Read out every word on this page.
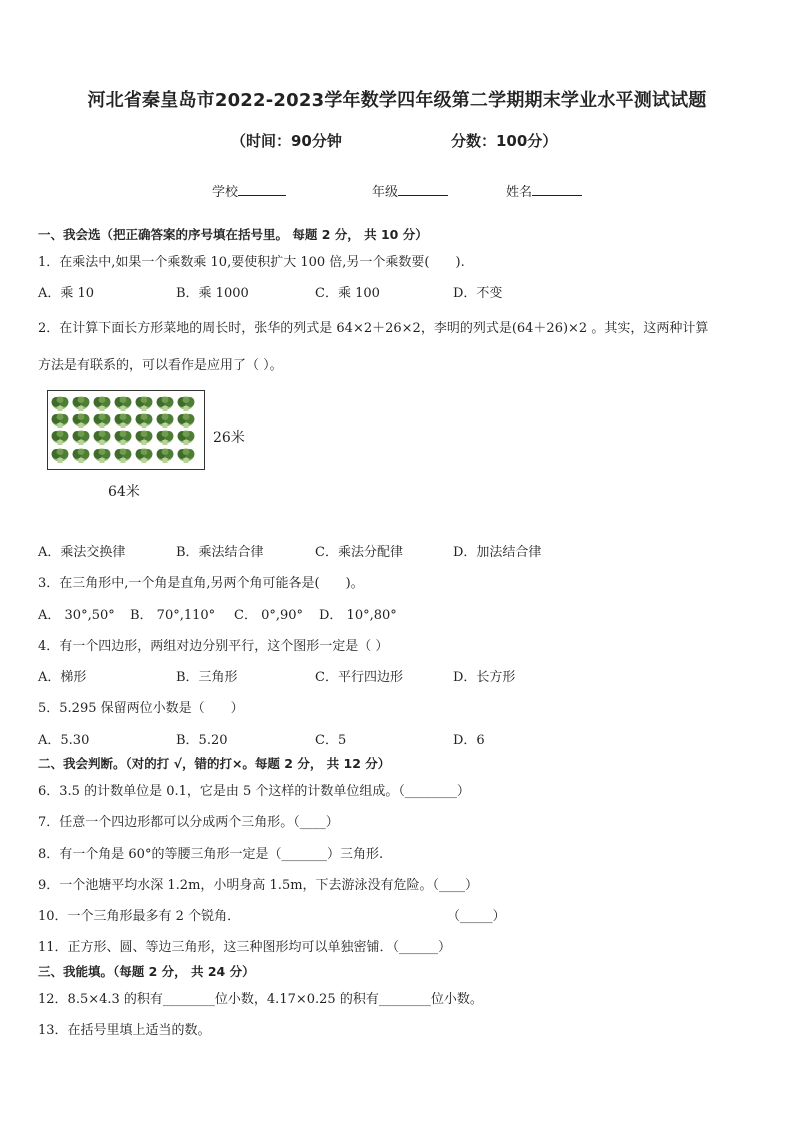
河北省秦皇岛市2022-2023学年数学四年级第二学期期末学业水平测试试题
（时间：90分钟	分数：100分）
学校	年级	姓名
一、我会选（把正确答案的序号填在括号里。 每题 2 分， 共 10 分）
1．在乘法中,如果一个乘数乘 10,要使积扩大 100 倍,另一个乘数要(　　).
A．乘 10	B．乘 1000	C．乘 100	D．不变
2．在计算下面长方形菜地的周长时，张华的列式是 64×2＋26×2，李明的列式是(64＋26)×2 。其实，这两种计算
方法是有联系的，可以看作是应用了（ ）。
26米
64米
A．乘法交换律	B．乘法结合律	C．乘法分配律	D．加法结合律
3．在三角形中,一个角是直角,另两个角可能各是(　　)。
A． 30°,50° B． 70°,110° C． 0°,90° D． 10°,80°
4．有一个四边形，两组对边分别平行，这个图形一定是（ ）
A．梯形	B．三角形	C．平行四边形	D．长方形
5．5.295 保留两位小数是（　　）
A．5.30	B．5.20	C．5	D．6
二、我会判断。（对的打 √，错的打×。每题 2 分， 共 12 分）
6．3.5 的计数单位是 0.1，它是由 5 个这样的计数单位组成。（________）
7．任意一个四边形都可以分成两个三角形。（____）
8．有一个角是 60°的等腰三角形一定是（_______）三角形.
9．一个池塘平均水深 1.2m，小明身高 1.5m，下去游泳没有危险。（____）
10．一个三角形最多有 2 个锐角．	（_____）
11．正方形、圆、等边三角形，这三种图形均可以单独密铺．（______）
三、我能填。（每题 2 分， 共 24 分）
12．8.5×4.3 的积有________位小数，4.17×0.25 的积有________位小数。
13．在括号里填上适当的数。
